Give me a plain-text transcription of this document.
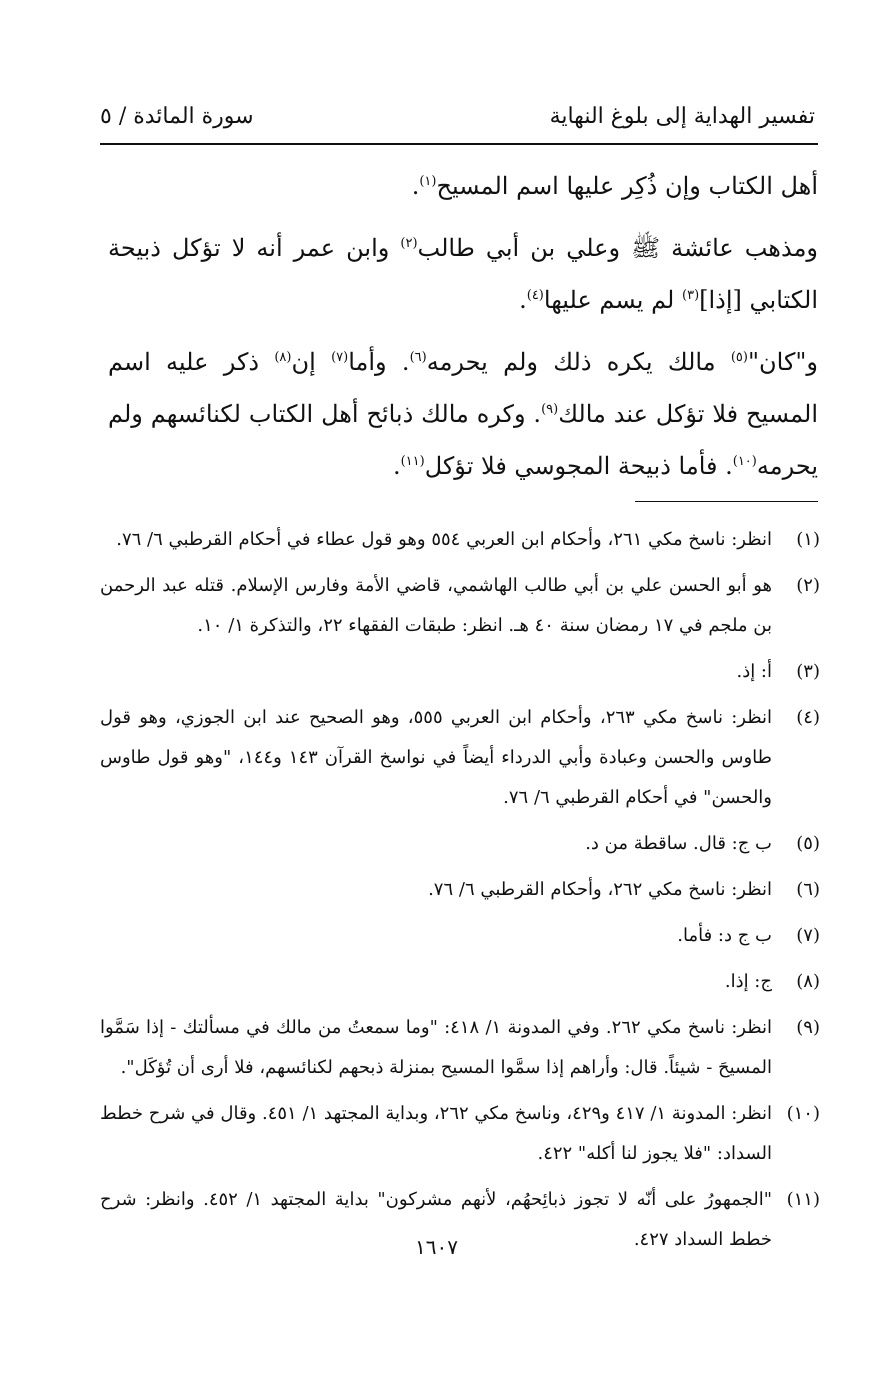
تفسير الهداية إلى بلوغ النهاية
سورة المائدة / ٥

أهل الكتاب وإن ذُكِر عليها اسم المسيح$^{(١)}$.

ومذهب عائشة ﷺ وعلي بن أبي طالب$^{(٢)}$ وابن عمر أنه لا تؤكل ذبيحة الكتابي [إذا]$^{(٣)}$ لم يسم عليها$^{(٤)}$.

و"كان"$^{(٥)}$ مالك يكره ذلك ولم يحرمه$^{(٦)}$. وأما$^{(٧)}$ إن$^{(٨)}$ ذكر عليه اسم المسيح فلا تؤكل عند مالك$^{(٩)}$. وكره مالك ذبائح أهل الكتاب لكنائسهم ولم يحرمه$^{(١٠)}$. فأما ذبيحة المجوسي فلا تؤكل$^{(١١)}$.

(١)
انظر: ناسخ مكي ٢٦١، وأحكام ابن العربي ٥٥٤ وهو قول عطاء في أحكام القرطبي ٦/ ٧٦.
(٢)
هو أبو الحسن علي بن أبي طالب الهاشمي، قاضي الأمة وفارس الإسلام. قتله عبد الرحمن بن ملجم في ١٧ رمضان سنة ٤٠ هـ. انظر: طبقات الفقهاء ٢٢، والتذكرة ١/ ١٠.
(٣)
أ: إذ.
(٤)
انظر: ناسخ مكي ٢٦٣، وأحكام ابن العربي ٥٥٥، وهو الصحيح عند ابن الجوزي، وهو قول طاوس والحسن وعبادة وأبي الدرداء أيضاً في نواسخ القرآن ١٤٣ و١٤٤، "وهو قول طاوس والحسن" في أحكام القرطبي ٦/ ٧٦.
(٥)
ب ج: قال. ساقطة من د.
(٦)
انظر: ناسخ مكي ٢٦٢، وأحكام القرطبي ٦/ ٧٦.
(٧)
ب ج د: فأما.
(٨)
ج: إذا.
(٩)
انظر: ناسخ مكي ٢٦٢. وفي المدونة ١/ ٤١٨: "وما سمعتُ من مالك في مسألتك - إذا سَمَّوا المسيحَ - شيئاً. قال: وأراهم إذا سمَّوا المسيح بمنزلة ذبحهم لكنائسهم، فلا أرى أن تُؤكَل".
(١٠)
انظر: المدونة ١/ ٤١٧ و٤٢٩، وناسخ مكي ٢٦٢، وبداية المجتهد ١/ ٤٥١. وقال في شرح خطط السداد: "فلا يجوز لنا أكله" ٤٢٢.
(١١)
"الجمهورُ على أنّه لا تجوز ذبائِحهُم، لأنهم مشركون" بداية المجتهد ١/ ٤٥٢. وانظر: شرح خطط السداد ٤٢٧.
١٦٠٧
